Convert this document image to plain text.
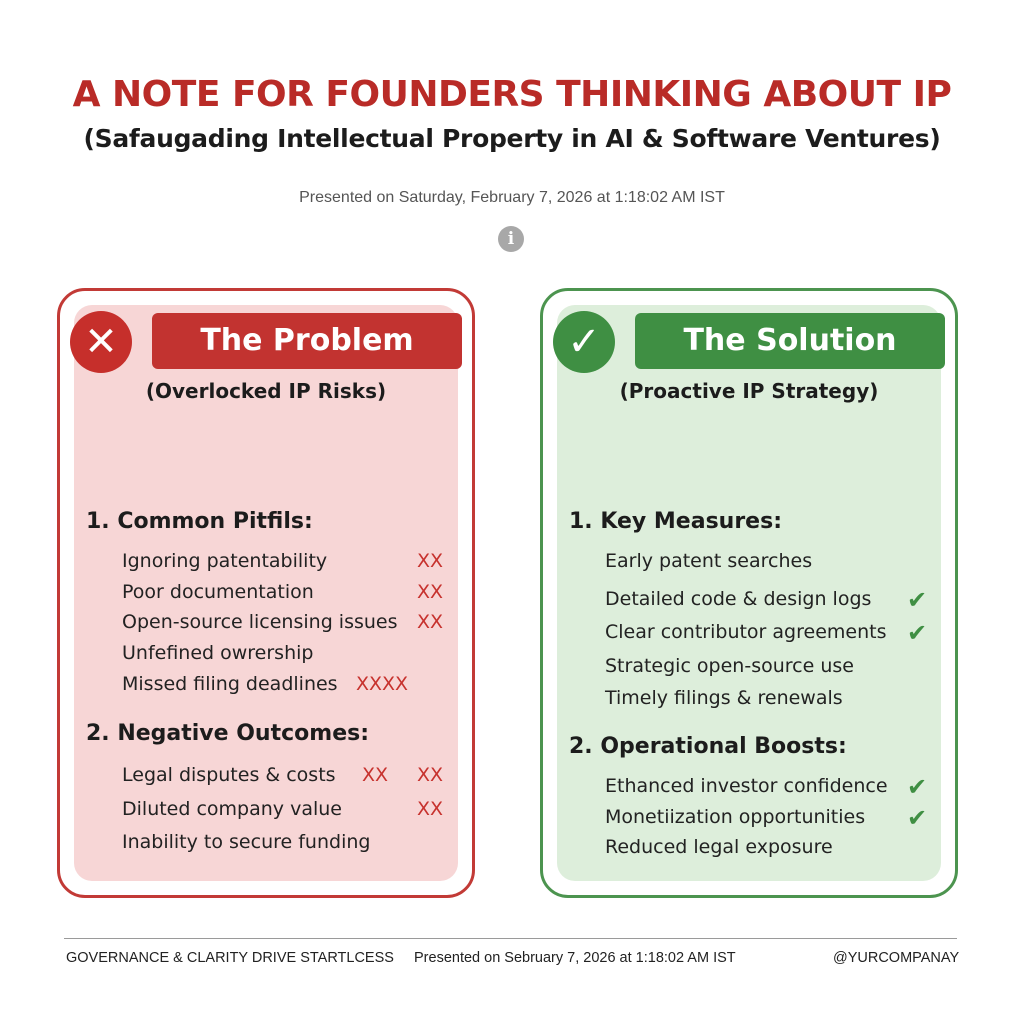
A NOTE FOR FOUNDERS THINKING ABOUT IP
(Safaugading Intellectual Property in AI & Software Ventures)
Presented on Saturday, February 7, 2026 at 1:18:02 AM IST
i
✕	The Problem
(Overlocked IP Risks)
1. Common Pitfils:
Ignoring patentability	XX
Poor documentation	XX
Open-source licensing issues XX
Unfefined owrership
Missed filing deadlines XXXX
2. Negative Outcomes:
Legal disputes & costs XX XX
Diluted company value	XX
Inability to secure funding
✓	The Solution
(Proactive IP Strategy)
1. Key Measures:
Early patent searches
Detailed code & design logs ✔
Clear contributor agreements ✔
Strategic open-source use
Timely filings & renewals
2. Operational Boosts:
Ethanced investor confidence ✔
Monetiization opportunities ✔
Reduced legal exposure
GOVERNANCE & CLARITY DRIVE STARTLCESS Presented on Sebruary 7, 2026 at 1:18:02 AM IST	@YURCOMPANAY
